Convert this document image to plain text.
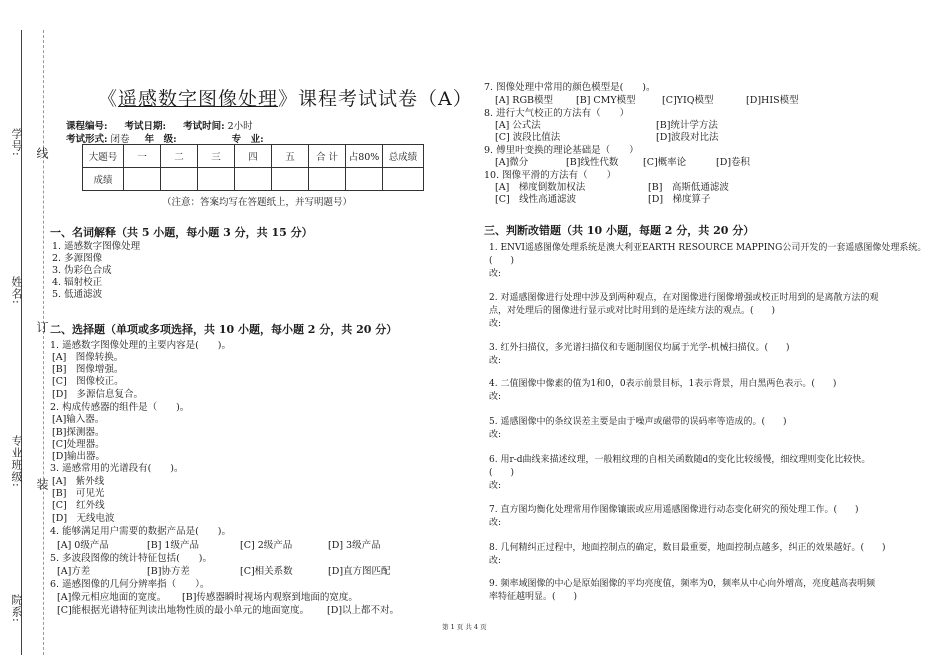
学号:
姓名:
专业班级:
院系:
线
订
装
《遥感数字图像处理》课程考试试卷（A）
课程编号: 考试日期: 考试时间: 2小时
考试形式: 闭卷 年　级:	专　业:
大题号	一	二	三	四	五	合 计	占80%	总成绩
成绩								
（注意：答案均写在答题纸上，并写明题号）
一、名词解释（共 5 小题，每小题 3 分，共 15 分）
1. 遥感数字图像处理
2. 多源图像
3. 伪彩色合成
4. 辐射校正
5. 低通滤波
二、选择题（单项或多项选择，共 10 小题，每小题 2 分，共 20 分）
1. 遥感数字图像处理的主要内容是(　　)。
[A]　图像转换。
[B]　图像增强。
[C]　图像校正。
[D]　多源信息复合。
2. 构成传感器的组件是（　　)。
[A]输入器。
[B]探测器。
[C]处理器。
[D]输出器。
3. 遥感常用的光谱段有(　　)。
[A]　紫外线
[B]　可见光
[C]　红外线
[D]　无线电波
4. 能够满足用户需要的数据产品是(　　)。
[A] 0级产品	[B] 1级产品	[C] 2级产品	[D] 3级产品
5. 多波段图像的统计特征包括(　　)。
[A]方差	[B]协方差	[C]相关系数	[D]直方图匹配
6. 遥感图像的几何分辨率指（　　）。
[A]像元相应地面的宽度。 [B]传感器瞬时视场内观察到地面的宽度。
[C]能根据光谱特征判读出地物性质的最小单元的地面宽度。 [D]以上都不对。
7. 图像处理中常用的颜色模型是(　　)。
[A] RGB模型 [B] CMY模型	[C]YIQ模型	[D]HIS模型
8. 进行大气校正的方法有（　　）
[A] 公式法	[B]统计学方法
[C] 波段比值法	[D]波段对比法
9. 傅里叶变换的理论基础是（　　）
[A]微分	[B]线性代数	[C]概率论	[D]卷积
10. 图像平滑的方法有（　　）
[A]　梯度倒数加权法	[B]　高斯低通滤波
[C]　线性高通滤波	[D]　梯度算子
三、判断改错题（共 10 小题，每题 2 分，共 20 分）
1. ENVI遥感图像处理系统是澳大利亚EARTH RESOURCE MAPPING公司开发的一套遥感图像处理系统。
(　　)
改:
2. 对遥感图像进行处理中涉及到两种观点，在对图像进行图像增强或校正时用到的是离散方法的观
点，对处理后的图像进行显示或对比时用到的是连续方法的观点。(　　)
改:
3. 红外扫描仪，多光谱扫描仪和专题制图仪均属于光学-机械扫描仪。(　　)
改:
4. 二值图像中像素的值为1和0，0表示前景目标，1表示背景，用白黑两色表示。(　　)
改:
5. 遥感图像中的条纹误差主要是由于噪声或磁带的误码率等造成的。(　　)
改:
6. 用r-d曲线来描述纹理，一般粗纹理的自相关函数随d的变化比较缓慢，细纹理则变化比较快。
(　　)
改:
7. 直方图均衡化处理常用作图像镶嵌或应用遥感图像进行动态变化研究的预处理工作。(　　)
改:
8. 几何精纠正过程中，地面控制点的确定，数目最重要，地面控制点越多，纠正的效果越好。(　　)
改:
9. 频率域图像的中心是原始图像的平均亮度值，频率为0，频率从中心向外增高，亮度越高表明频
率特征越明显。(　　)
第 1 页 共 4 页
